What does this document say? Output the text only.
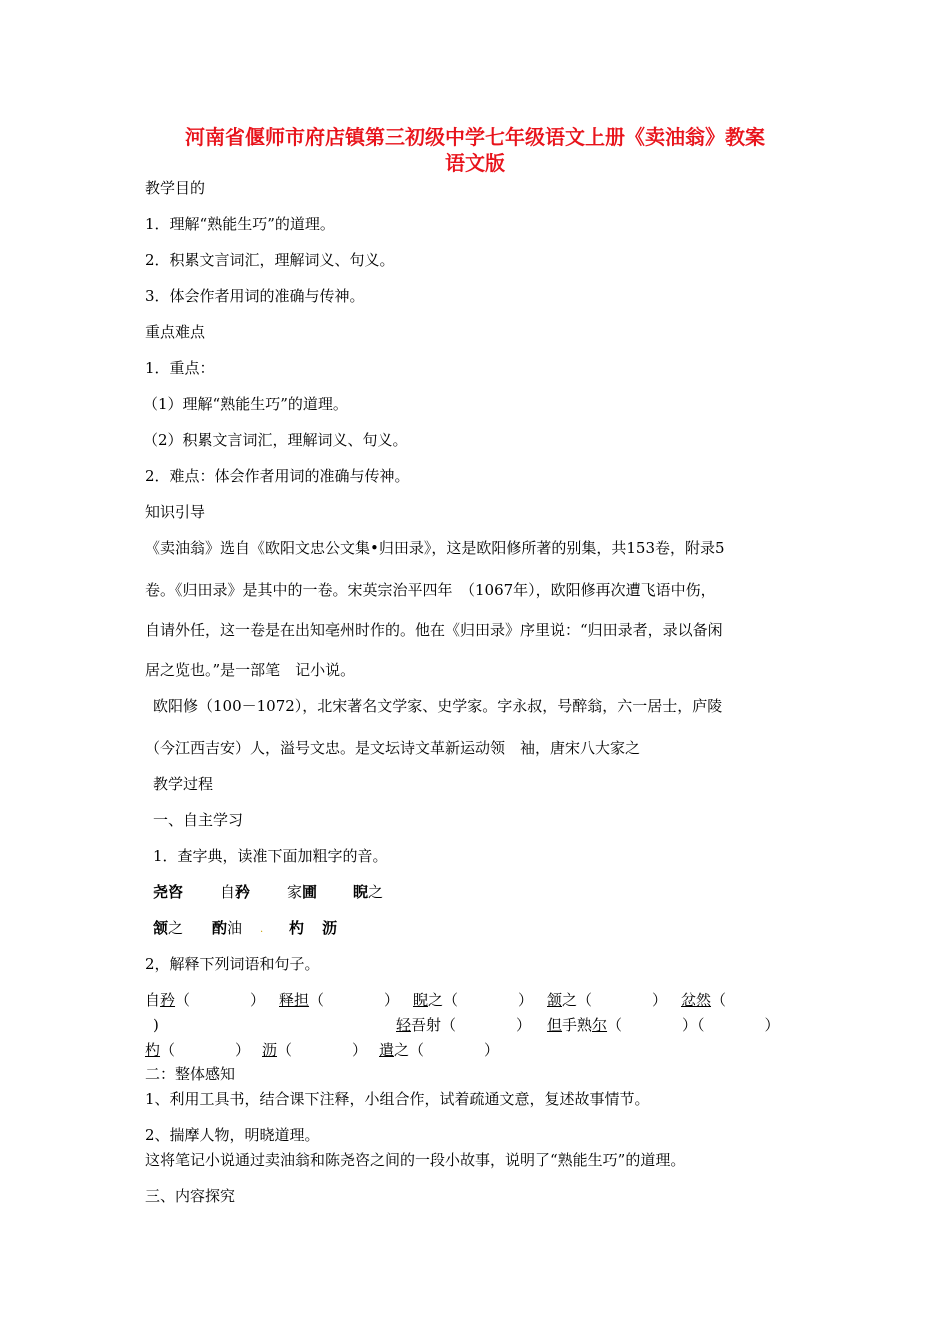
河南省偃师市府店镇第三初级中学七年级语文上册《卖油翁》教案
语文版
教学目的
1．理解“熟能生巧”的道理。
2．积累文言词汇，理解词义、句义。
3．体会作者用词的准确与传神。
重点难点
1．重点：
（1）理解“熟能生巧”的道理。
（2）积累文言词汇，理解词义、句义。
2．难点：体会作者用词的准确与传神。
知识引导
《卖油翁》选自《欧阳文忠公文集•归田录》，这是欧阳修所著的别集，共153卷，附录5
卷。《归田录》是其中的一卷。宋英宗治平四年　（1067年），欧阳修再次遭飞语中伤，
自请外任，这一卷是在出知亳州时作的。他在《归田录》序里说：“归田录者，录以备闲
居之览也。”是一部笔　记小说。
欧阳修（100－1072），北宋著名文学家、史学家。字永叔，号醉翁，六一居士，庐陵
（今江西吉安）人，溢号文忠。是文坛诗文革新运动领　袖，唐宋八大家之
教学过程
一、自主学习
1．查字典，读准下面加粗字的音。
尧咨 自矜 家圃 睨之
颔之 酌油 . 杓 沥
2，解释下列词语和句子。
自矜（　　　　） 释担（　　　　） 睨之（　　　　） 颔之（　　　　） 忿然（
)	轻吾射（　　　　） 但手熟尔（　　　　）（　　　　）
杓（　　　　） 沥（　　　　） 遣之（　　　　）
二：整体感知
1、利用工具书，结合课下注释，小组合作，试着疏通文意，复述故事情节。
2、揣摩人物，明晓道理。
这将笔记小说通过卖油翁和陈尧咨之间的一段小故事，说明了“熟能生巧”的道理。
三、内容探究
